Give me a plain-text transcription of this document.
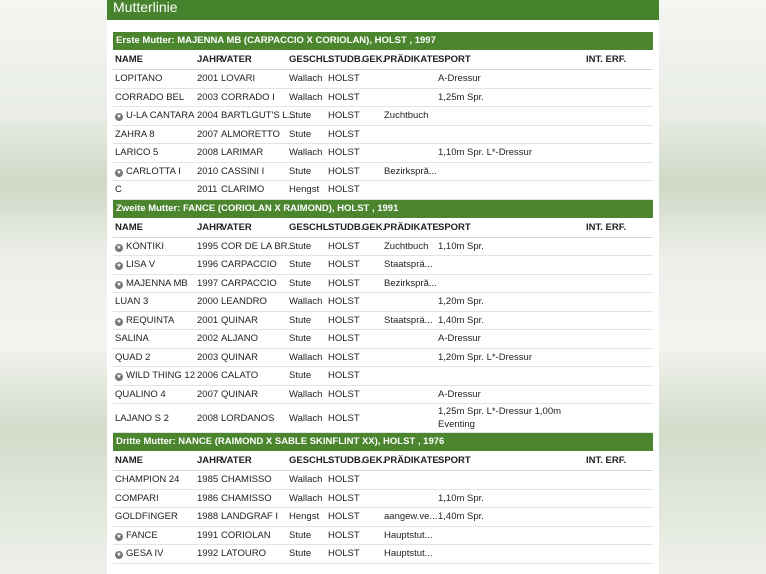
Mutterlinie
Erste Mutter: MAJENNA MB (CARPACCIO X CORIOLAN), HOLST , 1997
NAME	JAHR	VATER	GESCHL.	STUDB.	GEK.	PRÄDIKATE	SPORT	INT. ERF.
LOPITANO	2001	LOVARI	Wallach	HOLST			A-Dressur	
CORRADO BEL	2003	CORRADO I	Wallach	HOLST			1,25m Spr.	
★ U-LA CANTARA	2004	BARTLGUT'S L...	Stute	HOLST		Zuchtbuch		
ZAHRA 8	2007	ALMORETTO	Stute	HOLST				
LARICO 5	2008	LARIMAR	Wallach	HOLST			1,10m Spr. L*-Dressur	
★ CARLOTTA I	2010	CASSINI I	Stute	HOLST		Bezirkspră...		
C	2011	CLARIMO	Hengst	HOLST				
Zweite Mutter: FANCE (CORIOLAN X RAIMOND), HOLST , 1991
NAME	JAHR	VATER	GESCHL.	STUDB.	GEK.	PRÄDIKATE	SPORT	INT. ERF.
★ KONTIKI	1995	COR DE LA BR...	Stute	HOLST		Zuchtbuch	1,10m Spr.	
★ LISA V	1996	CARPACCIO	Stute	HOLST		Staatsprä...		
★ MAJENNA MB	1997	CARPACCIO	Stute	HOLST		Bezirkspră...		
LUAN 3	2000	LEANDRO	Wallach	HOLST			1,20m Spr.	
★ REQUINTA	2001	QUINAR	Stute	HOLST		Staatsprä...	1,40m Spr.	
SALINA	2002	ALJANO	Stute	HOLST			A-Dressur	
QUAD 2	2003	QUINAR	Wallach	HOLST			1,20m Spr. L*-Dressur	
★ WILD THING 12	2006	CALATO	Stute	HOLST				
QUALINO 4	2007	QUINAR	Wallach	HOLST			A-Dressur	
LAJANO S 2	2008	LORDANOS	Wallach	HOLST			1,25m Spr. L*-Dressur 1,00m Eventing	
Dritte Mutter: NANCE (RAIMOND X SABLE SKINFLINT XX), HOLST , 1976
NAME	JAHR	VATER	GESCHL.	STUDB.	GEK.	PRÄDIKATE	SPORT	INT. ERF.
CHAMPION 24	1985	CHAMISSO	Wallach	HOLST				
COMPARI	1986	CHAMISSO	Wallach	HOLST			1,10m Spr.	
GOLDFINGER	1988	LANDGRAF I	Hengst	HOLST		aangew.ve...	1,40m Spr.	
★ FANCE	1991	CORIOLAN	Stute	HOLST		Hauptstut...		
★ GESA IV	1992	LATOURO	Stute	HOLST		Hauptstut...		
